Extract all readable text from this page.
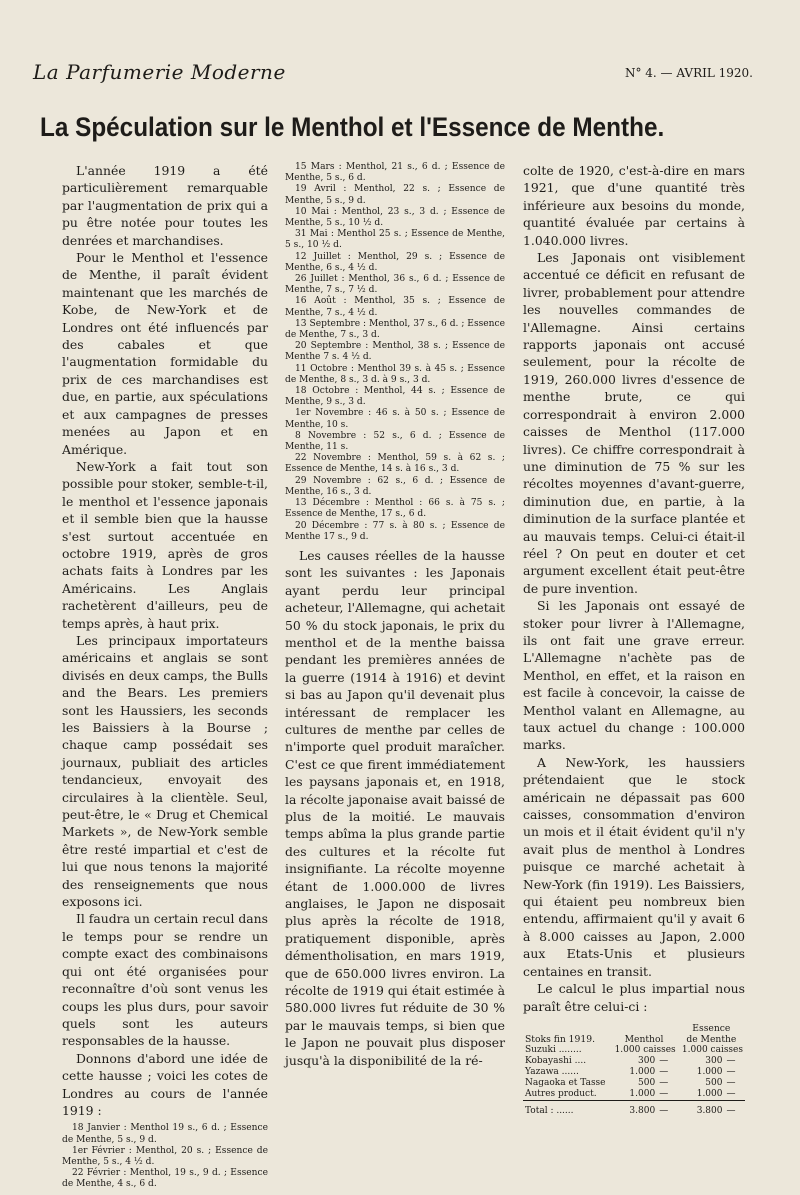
La Parfumerie Moderne	N° 4. — AVRIL 1920.
La Spéculation sur le Menthol et l'Essence de Menthe.

L'année 1919 a été particulièrement remarquable par l'augmentation de prix qui a pu être notée pour toutes les denrées et marchandises.

Pour le Menthol et l'essence de Menthe, il paraît évident maintenant que les marchés de Kobe, de New-York et de Londres ont été influencés par des cabales et que l'augmentation formidable du prix de ces marchandises est due, en partie, aux spéculations et aux campagnes de presses menées au Japon et en Amérique.

New-York a fait tout son possible pour stoker, semble-t-il, le menthol et l'essence japonais et il semble bien que la hausse s'est surtout accentuée en octobre 1919, après de gros achats faits à Londres par les Américains. Les Anglais rachetèrent d'ailleurs, peu de temps après, à haut prix.

Les principaux importateurs américains et anglais se sont divisés en deux camps, the Bulls and the Bears. Les premiers sont les Haussiers, les seconds les Baissiers à la Bourse ; chaque camp possédait ses journaux, publiait des articles tendancieux, envoyait des circulaires à la clientèle. Seul, peut-être, le « Drug et Chemical Markets », de New-York semble être resté impartial et c'est de lui que nous tenons la majorité des renseignements que nous exposons ici.

Il faudra un certain recul dans le temps pour se rendre un compte exact des combinaisons qui ont été organisées pour reconnaître d'où sont venus les coups les plus durs, pour savoir quels sont les auteurs responsables de la hausse.

Donnons d'abord une idée de cette hausse ; voici les cotes de Londres au cours de l'année 1919 :

18 Janvier : Menthol 19 s., 6 d. ; Essence de Menthe, 5 s., 9 d.

1er Février : Menthol, 20 s. ; Essence de Menthe, 5 s., 4 ½ d.

22 Février : Menthol, 19 s., 9 d. ; Essence de Menthe, 4 s., 6 d.

15 Mars : Menthol, 21 s., 6 d. ; Essence de Menthe, 5 s., 6 d.

19 Avril : Menthol, 22 s. ; Essence de Menthe, 5 s., 9 d.

10 Mai : Menthol, 23 s., 3 d. ; Essence de Menthe, 5 s., 10 ½ d.

31 Mai : Menthol 25 s. ; Essence de Menthe, 5 s., 10 ½ d.

12 Juillet : Menthol, 29 s. ; Essence de Menthe, 6 s., 4 ½ d.

26 Juillet : Menthol, 36 s., 6 d. ; Essence de Menthe, 7 s., 7 ½ d.

16 Août : Menthol, 35 s. ; Essence de Menthe, 7 s., 4 ½ d.

13 Septembre : Menthol, 37 s., 6 d. ; Essence de Menthe, 7 s., 3 d.

20 Septembre : Menthol, 38 s. ; Essence de Menthe 7 s. 4 ½ d.

11 Octobre : Menthol 39 s. à 45 s. ; Essence de Menthe, 8 s., 3 d. à 9 s., 3 d.

18 Octobre : Menthol, 44 s. ; Essence de Menthe, 9 s., 3 d.

1er Novembre : 46 s. à 50 s. ; Essence de Menthe, 10 s.

8 Novembre : 52 s., 6 d. ; Essence de Menthe, 11 s.

22 Novembre : Menthol, 59 s. à 62 s. ; Essence de Menthe, 14 s. à 16 s., 3 d.

29 Novembre : 62 s., 6 d. ; Essence de Menthe, 16 s., 3 d.

13 Décembre : Menthol : 66 s. à 75 s. ; Essence de Menthe, 17 s., 6 d.

20 Décembre : 77 s. à 80 s. ; Essence de Menthe 17 s., 9 d.

Les causes réelles de la hausse sont les suivantes : les Japonais ayant perdu leur principal acheteur, l'Allemagne, qui achetait 50 % du stock japonais, le prix du menthol et de la menthe baissa pendant les premières années de la guerre (1914 à 1916) et devint si bas au Japon qu'il devenait plus intéressant de remplacer les cultures de menthe par celles de n'importe quel produit maraîcher. C'est ce que firent immédiatement les paysans japonais et, en 1918, la récolte japonaise avait baissé de plus de la moitié. Le mauvais temps abîma la plus grande partie des cultures et la récolte fut insignifiante. La récolte moyenne étant de 1.000.000 de livres anglaises, le Japon ne disposait plus après la récolte de 1918, pratiquement disponible, après démentholisation, en mars 1919, que de 650.000 livres environ. La récolte de 1919 qui était estimée à 580.000 livres fut réduite de 30 % par le mauvais temps, si bien que le Japon ne pouvait plus disposer jusqu'à la disponibilité de la ré-

colte de 1920, c'est-à-dire en mars 1921, que d'une quantité très inférieure aux besoins du monde, quantité évaluée par certains à 1.040.000 livres.

Les Japonais ont visiblement accentué ce déficit en refusant de livrer, probablement pour attendre les nouvelles commandes de l'Allemagne. Ainsi certains rapports japonais ont accusé seulement, pour la récolte de 1919, 260.000 livres d'essence de menthe brute, ce qui correspondrait à environ 2.000 caisses de Menthol (117.000 livres). Ce chiffre correspondrait à une diminution de 75 % sur les récoltes moyennes d'avant-guerre, diminution due, en partie, à la diminution de la surface plantée et au mauvais temps. Celui-ci était-il réel ? On peut en douter et cet argument excellent était peut-être de pure invention.

Si les Japonais ont essayé de stoker pour livrer à l'Allemagne, ils ont fait une grave erreur. L'Allemagne n'achète pas de Menthol, en effet, et la raison en est facile à concevoir, la caisse de Menthol valant en Allemagne, au taux actuel du change : 100.000 marks.

A New-York, les haussiers prétendaient que le stock américain ne dépassait pas 600 caisses, consommation d'environ un mois et il était évident qu'il n'y avait plus de menthol à Londres puisque ce marché achetait à New-York (fin 1919). Les Baissiers, qui étaient peu nombreux bien entendu, affirmaient qu'il y avait 6 à 8.000 caisses au Japon, 2.000 aux Etats-Unis et plusieurs centaines en transit.

Le calcul le plus impartial nous paraît être celui-ci :

			Essence	
Stoks fin 1919.	Menthol		de Menthe	
Suzuki ........	1.000 caisses		1.000 caisses	
Kobayashi ....	300	—	300	—
Yazawa ......	1.000	—	1.000	—
Nagaoka et Tasse	500	—	500	—
Autres product.	1.000	—	1.000	—

Total : ......	3.800	—	3.800	—
